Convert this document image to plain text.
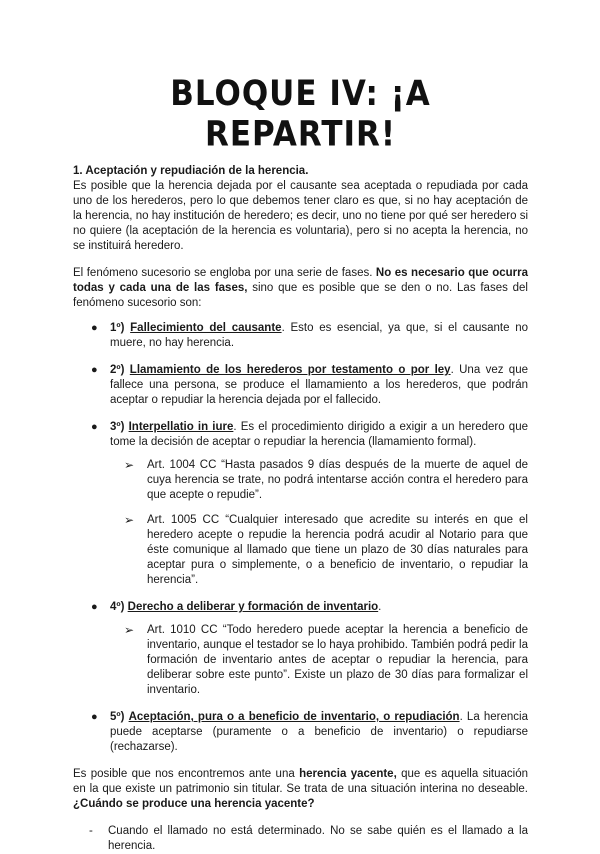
BLOQUE IV: ¡A REPARTIR!
1. Aceptación y repudiación de la herencia.

Es posible que la herencia dejada por el causante sea aceptada o repudiada por cada uno de los herederos, pero lo que debemos tener claro es que, si no hay aceptación de la herencia, no hay institución de heredero; es decir, uno no tiene por qué ser heredero si no quiere (la aceptación de la herencia es voluntaria), pero si no acepta la herencia, no se instituirá heredero.

El fenómeno sucesorio se engloba por una serie de fases. No es necesario que ocurra todas y cada una de las fases, sino que es posible que se den o no. Las fases del fenómeno sucesorio son:

● 1º) Fallecimiento del causante. Esto es esencial, ya que, si el causante no muere, no hay herencia.
● 2º) Llamamiento de los herederos por testamento o por ley. Una vez que fallece una persona, se produce el llamamiento a los herederos, que podrán aceptar o repudiar la herencia dejada por el fallecido.
● 3º) Interpellatio in iure. Es el procedimiento dirigido a exigir a un heredero que tome la decisión de aceptar o repudiar la herencia (llamamiento formal).
➢ Art. 1004 CC “Hasta pasados 9 días después de la muerte de aquel de cuya herencia se trate, no podrá intentarse acción contra el heredero para que acepte o repudie”.
➢ Art. 1005 CC “Cualquier interesado que acredite su interés en que el heredero acepte o repudie la herencia podrá acudir al Notario para que éste comunique al llamado que tiene un plazo de 30 días naturales para aceptar pura o simplemente, o a beneficio de inventario, o repudiar la herencia”.
● 4º) Derecho a deliberar y formación de inventario.
➢ Art. 1010 CC “Todo heredero puede aceptar la herencia a beneficio de inventario, aunque el testador se lo haya prohibido. También podrá pedir la formación de inventario antes de aceptar o repudiar la herencia, para deliberar sobre este punto”. Existe un plazo de 30 días para formalizar el inventario.
● 5º) Aceptación, pura o a beneficio de inventario, o repudiación. La herencia puede aceptarse (puramente o a beneficio de inventario) o repudiarse (rechazarse).

Es posible que nos encontremos ante una herencia yacente, que es aquella situación en la que existe un patrimonio sin titular. Se trata de una situación interina no deseable. ¿Cuándo se produce una herencia yacente?

- Cuando el llamado no está determinado. No se sabe quién es el llamado a la herencia.
